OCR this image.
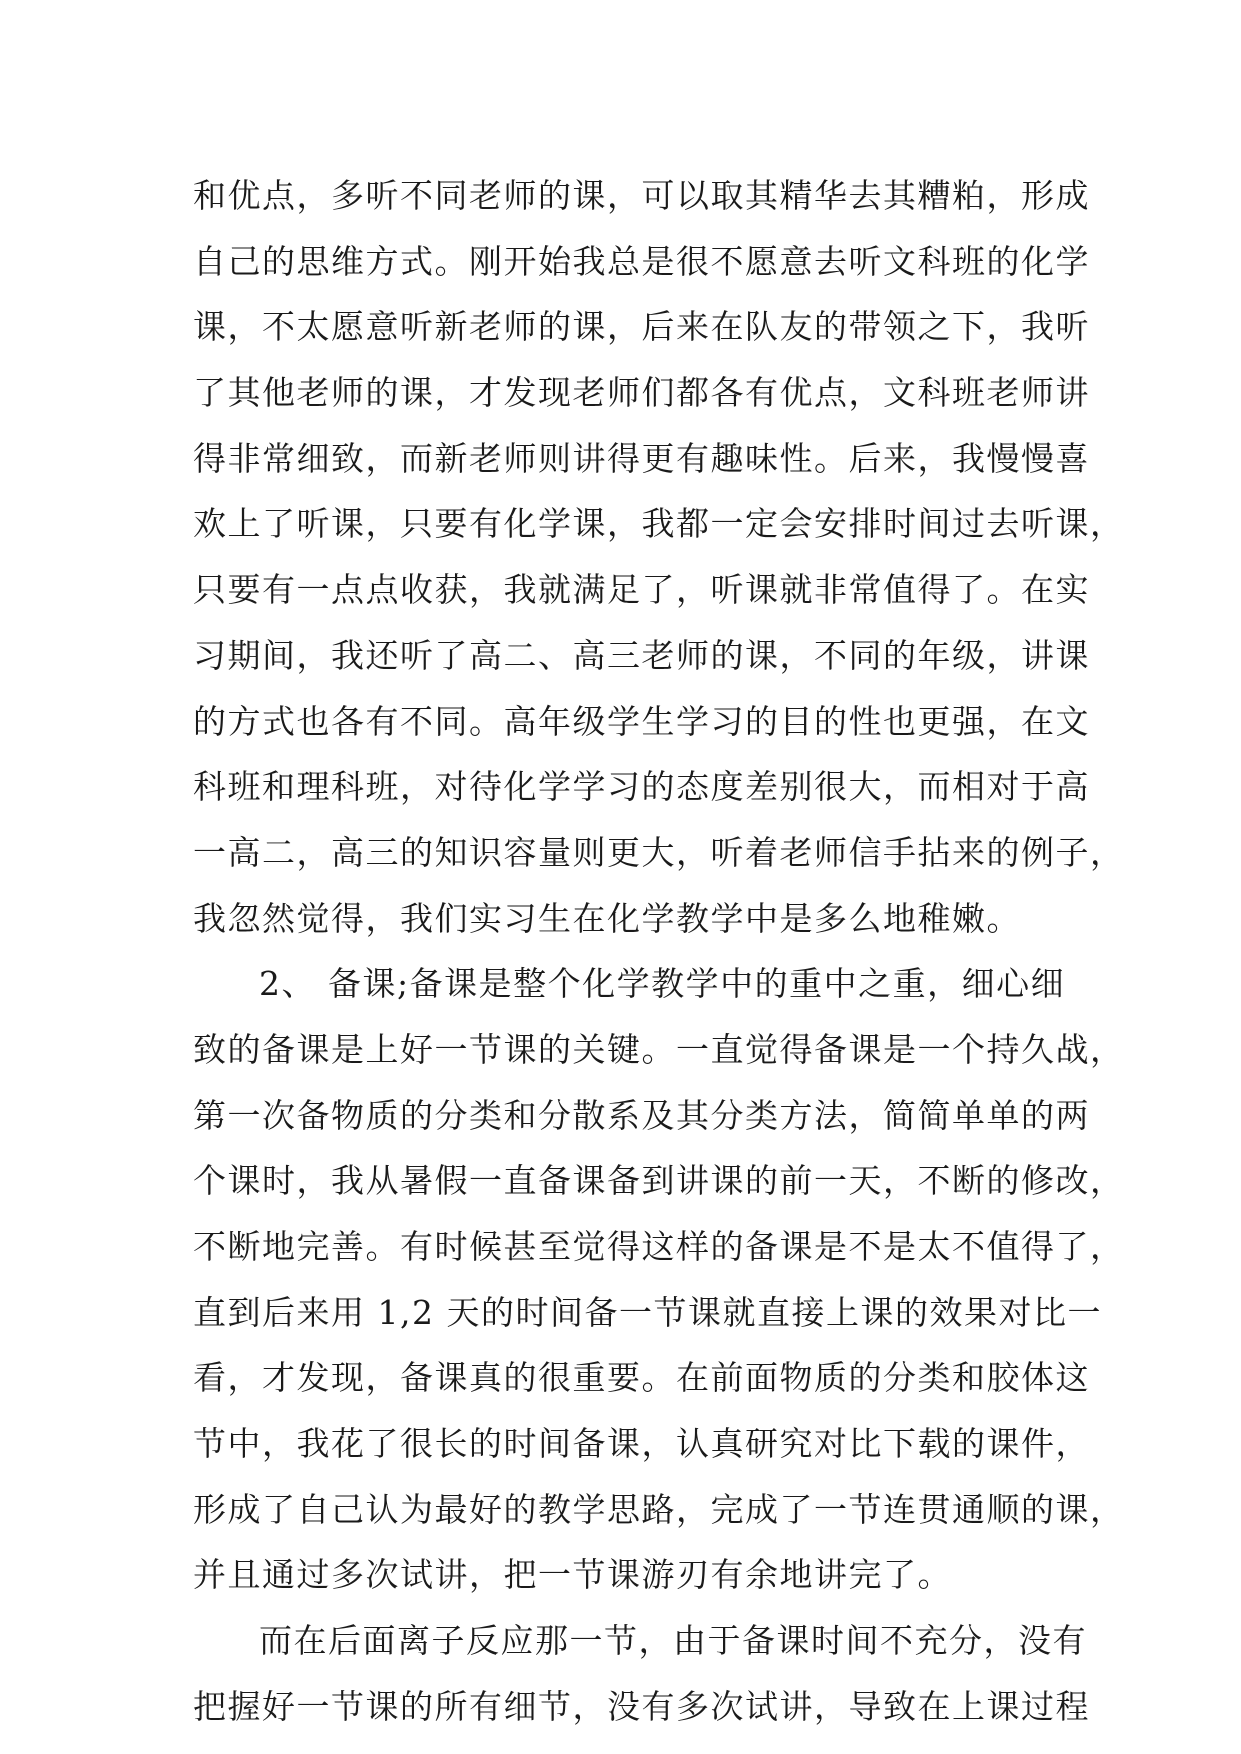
和优点，多听不同老师的课，可以取其精华去其糟粕，形成
自己的思维方式。刚开始我总是很不愿意去听文科班的化学
课，不太愿意听新老师的课，后来在队友的带领之下，我听
了其他老师的课，才发现老师们都各有优点，文科班老师讲
得非常细致，而新老师则讲得更有趣味性。后来，我慢慢喜
欢上了听课，只要有化学课，我都一定会安排时间过去听课，
只要有一点点收获，我就满足了，听课就非常值得了。在实
习期间，我还听了高二、高三老师的课，不同的年级，讲课
的方式也各有不同。高年级学生学习的目的性也更强，在文
科班和理科班，对待化学学习的态度差别很大，而相对于高
一高二，高三的知识容量则更大，听着老师信手拈来的例子，
我忽然觉得，我们实习生在化学教学中是多么地稚嫩。
2、 备课;备课是整个化学教学中的重中之重，细心细
致的备课是上好一节课的关键。一直觉得备课是一个持久战，
第一次备物质的分类和分散系及其分类方法，简简单单的两
个课时，我从暑假一直备课备到讲课的前一天，不断的修改，
不断地完善。有时候甚至觉得这样的备课是不是太不值得了，
直到后来用 1,2 天的时间备一节课就直接上课的效果对比一
看，才发现，备课真的很重要。在前面物质的分类和胶体这
节中，我花了很长的时间备课，认真研究对比下载的课件，
形成了自己认为最好的教学思路，完成了一节连贯通顺的课，
并且通过多次试讲，把一节课游刃有余地讲完了。
而在后面离子反应那一节，由于备课时间不充分，没有
把握好一节课的所有细节，没有多次试讲，导致在上课过程
